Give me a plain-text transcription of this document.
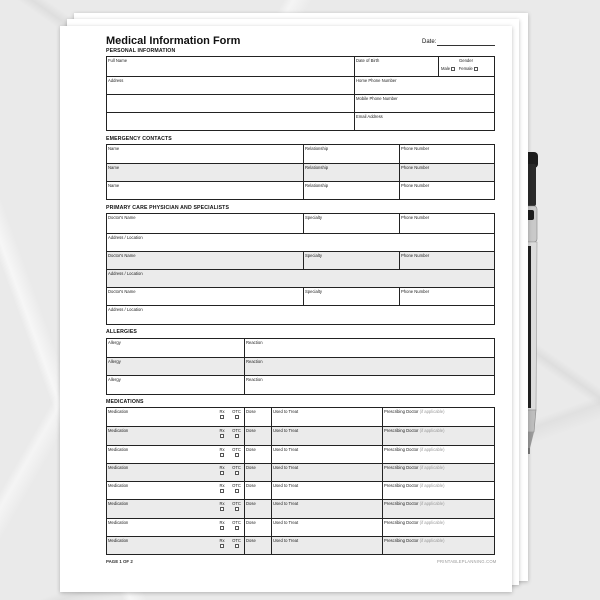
Medical Information Form	Date:
PERSONAL INFORMATION
Full Name	Date of Birth	Gender
Male Female
Address	Home Phone Number
Mobile Phone Number
Email Address
EMERGENCY CONTACTS
Name	Relationship	Phone Number
Name	Relationship	Phone Number
Name	Relationship	Phone Number
PRIMARY CARE PHYSICIAN AND SPECIALISTS
Doctor's Name	Specialty	Phone Number
Address / Location
Doctor's Name	Specialty	Phone Number
Address / Location
Doctor's Name	Specialty	Phone Number
Address / Location
ALLERGIES
Allergy	Reaction
Allergy	Reaction
Allergy	Reaction
MEDICATIONS
Medication	Rx	OTC	Dose	Used to Treat	Prescribing Doctor (if applicable)
Medication	Rx	OTC	Dose	Used to Treat	Prescribing Doctor (if applicable)
Medication	Rx	OTC	Dose	Used to Treat	Prescribing Doctor (if applicable)
Medication	Rx	OTC	Dose	Used to Treat	Prescribing Doctor (if applicable)
Medication	Rx	OTC	Dose	Used to Treat	Prescribing Doctor (if applicable)
Medication	Rx	OTC	Dose	Used to Treat	Prescribing Doctor (if applicable)
Medication	Rx	OTC	Dose	Used to Treat	Prescribing Doctor (if applicable)
Medication	Rx	OTC	Dose	Used to Treat	Prescribing Doctor (if applicable)
PAGE 1 OF 2	PRINTABLEPLANNING.COM
